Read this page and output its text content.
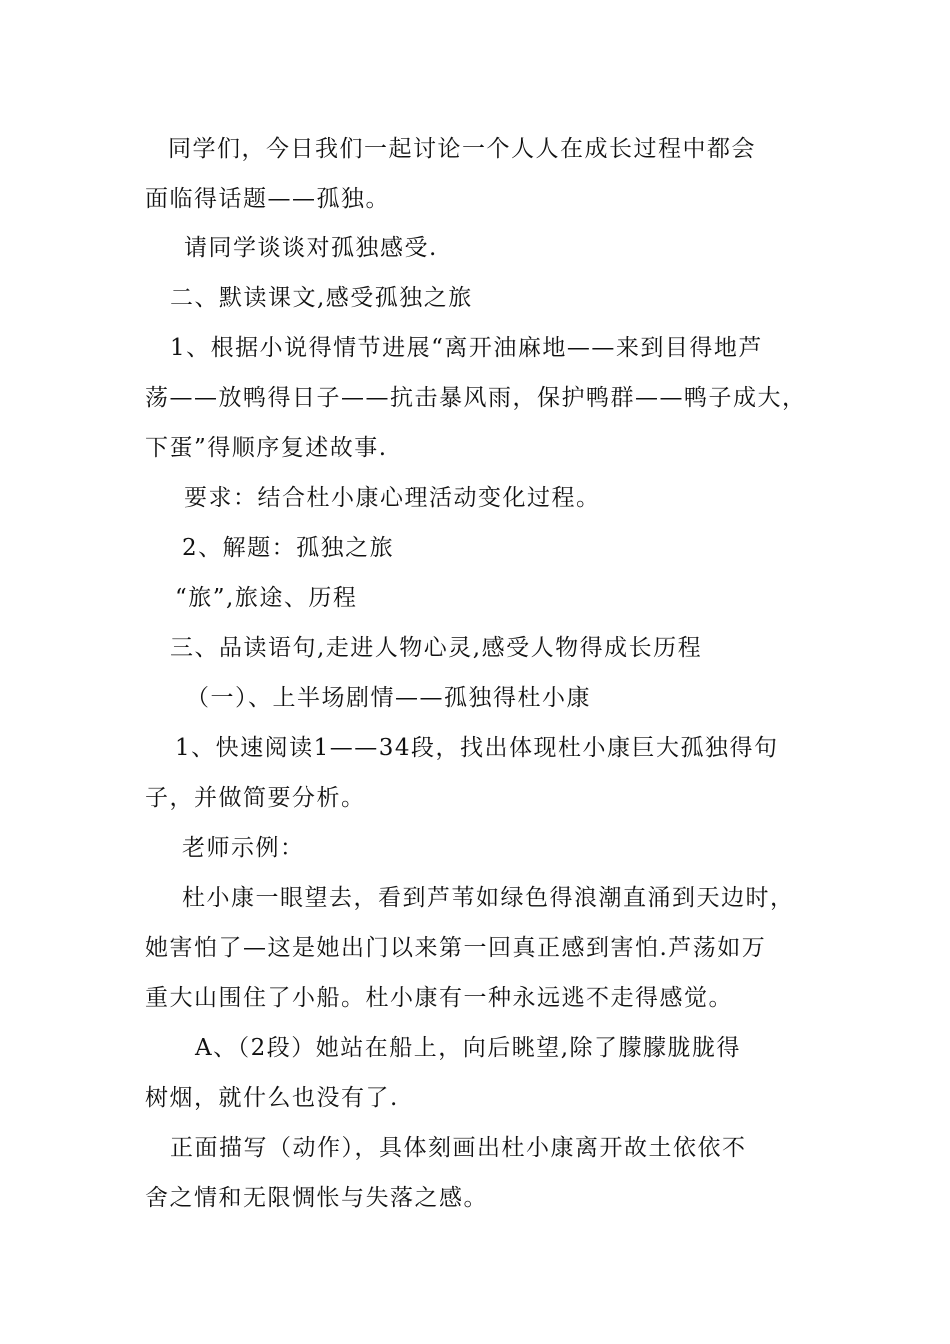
同学们，今日我们一起讨论一个人人在成长过程中都会
面临得话题——孤独。
请同学谈谈对孤独感受.
二、默读课文,感受孤独之旅
1、根据小说得情节进展“离开油麻地——来到目得地芦
荡——放鸭得日子——抗击暴风雨，保护鸭群——鸭子成大，
下蛋”得顺序复述故事.
要求：结合杜小康心理活动变化过程。
2、解题：孤独之旅
“旅”,旅途、历程
三、品读语句,走进人物心灵,感受人物得成长历程
（一）、上半场剧情——孤独得杜小康
1、快速阅读1——34段，找出体现杜小康巨大孤独得句
子，并做简要分析。
老师示例：
杜小康一眼望去，看到芦苇如绿色得浪潮直涌到天边时，
她害怕了—这是她出门以来第一回真正感到害怕.芦荡如万
重大山围住了小船。杜小康有一种永远逃不走得感觉。
A、（2段）她站在船上，向后眺望,除了朦朦胧胧得
树烟，就什么也没有了.
正面描写（动作），具体刻画出杜小康离开故土依依不
舍之情和无限惆怅与失落之感。
